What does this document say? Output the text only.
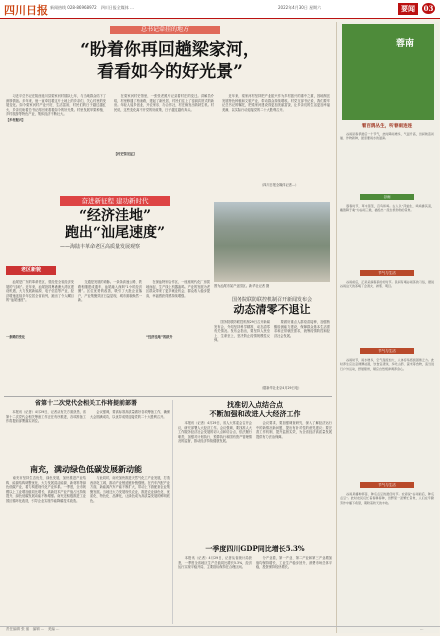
四川日报 新闻热线 028-86968972　四川日报全媒体 …	2022年4月30日 星期六	要闻	03
总书记牵挂的地方
“盼着你再回趟梁家河，
看看如今的好光景”
　　习近平总书记在陕西延川县梁家河村插队七年，与当地群众结下了深厚情谊。多年来，他一直牵挂着这片土地上的乡亲们，关心村里的发展变化。如今梁家河村产业兴旺、生活富裕，村民们的日子越过越红火，乡亲们盼着总书记再回来看看如今的好光景。村里发展苹果种植、乡村旅游等特色产业，集体经济不断壮大。
【乡村振兴】
　　在梁家河村史馆里，一张张老照片记录着村庄的变迁。讲解员介绍，村里修通了柏油路，建起了新民居，村民们住上了窑洞宾馆式的新房。年轻人返乡创业，开农家乐、办合作社，村庄焕发出勃勃生机。村民说，这些变化离不开党的好政策，日子越过越有奔头。
【村史馆见证】
　　近年来，梁家河村坚持把产业振兴作为乡村振兴的重中之重，因地制宜发展特色种植和文旅产业，带动群众持续增收。村党支部书记说，我们要牢记总书记的嘱托，把梁家河建设得更加美丽富饶，让乡亲们的生活更加幸福美满，以实际行动迎接党的二十大胜利召开。
（四川日报全媒体记者…）
奋进新征程 建功新时代
“经济洼地”
跑出“汕尾速度”
——海陆丰革命老区高质量发展观察
老区新貌
　　汕尾是广东的革命老区，曾经是全省经济发展的“洼地”。近年来，汕尾抢抓粤港澳大湾区建设机遇，大力发展新能源、电子信息等产业，经济增速连续多年位居全省前列，跑出了令人瞩目的“汕尾速度”。
一条路的变化
　　交通是发展的命脉。一条条高速公路、铁路相继建成通车，汕尾融入深圳“1小时经济圈”。区位优势的改善，吸引了大批企业落户，产业集聚效应日益显现，城市面貌焕然一新。
　　在深汕特别合作区，一座座现代化厂房拔地而起，生产线上机器轰鸣。产业的发展为老区群众带来了更多就业机会，群众收入稳步提高，幸福感获得感持续增强。
“经济洼地”的跃升
图为汕尾市某产业园区。新华社记者 摄
国务院联防联控机制召开新闻发布会
动态清零不退让
　　国务院联防联控机制29日召开新闻发布会，介绍坚持科学精准、动态清零有关情况。发布会指出，要坚持人民至上、生命至上，坚决防止疫情规模性反弹。
　　要做好重点人群疫苗接种，加强核酸检测能力建设，保障群众基本生活需求和正常就医需求，统筹疫情防控和经济社会发展。
（据新华社北京4月29日电）
省第十二次党代会相关工作将提前部署
　　本报讯（记者）4月29日，记者从有关方面获悉，省第十二次党代会相关筹备工作正在有序推进，各项准备工作将提前部署落实到位。
　　会议强调，要高标准高质量做好各项筹备工作，确保大会圆满成功，以优异成绩迎接党的二十大胜利召开。
南充，满动绿色低碳发展新动能
　　南充市坚持生态优先、绿色发展，加快推进产业结构、能源结构调整优化，大力发展清洁能源、新材料等绿色低碳产业，着力构建现代化产业体系。一季度，全市规模以上工业增加值同比增长，高新技术产业产值占比持续提升，绿色低碳发展动能不断增强。南充还积极推进工业园区循环化改造，引导企业实施节能降碳技术改造。
　　与此同时，南充加快推进天然气化工产业发展，打造西部化工城，推动产业链延链补链强链。在汽车汽配产业方面，新能源汽车产能不断扩大，带动上下游配套企业集聚发展。当地还大力发展现代农业，推进农业绿色化、优质化、特色化、品牌化，让绿色成为高质量发展的鲜明底色。
找准切入点结合点
不断加强和改进人大经济工作
　　本报讯（记者）4月29日，省人大常委会召开会议，研究部署人大经济工作。会议强调，要找准人大工作服务经济社会发展的切入点和结合点，依法履行职责，加强对计划执行、预算执行和国有资产管理情况的监督，推动经济持续健康发展。
　　会议要求，要加强调查研究，深入了解经济运行中的新情况新问题，提出有针对性的意见建议；要完善工作机制，提升监督实效，为全省经济高质量发展提供有力法治保障。
一季度四川GDP同比增长5.3%
　　本报讯（记者）4月29日，记者从省统计局获悉，一季度全省地区生产总值同比增长5.3%，经济运行实现平稳开局，主要指标保持在合理区间。
　　分产业看，第一产业、第二产业和第三产业增加值均保持增长，工业生产稳步回升，消费市场总体平稳，投资保持较快增长。
蓉南
看百鸽丛生，听春雨连连
　　谷雨是春季最后一个节气，此时降雨增多，气温升高，田间秧苗初插、作物新种，最需要雨水的滋润。
谷雨
　　暮春时节，草木葱茏，百鸟和鸣。古人以“萍始生，鸣鸠拂其羽，戴胜降于桑”为谷雨三候，描绘出一派生机勃勃的景象。
节气与生活
　　谷雨前后，正是采摘春茶的好时节。民间有喝谷雨茶的习俗，据说谷雨这天的茶喝了会清火、辟邪、明目。
节气与生活
　　谷雨时节，雨水增多，空气湿度加大，人体容易感到困倦乏力。此时养生应注意健脾祛湿，饮食宜清淡，多吃山药、薏米等食物，适当进行户外运动，舒展筋骨，顺应自然规律调养身心。
节气与生活
　　谷雨是播种移苗、种瓜点豆的最佳时节。农谚说“谷雨前后，种瓜点豆”。此时农民们忙着春耕春种，田野里一派繁忙景象，人们在辛勤劳作中播下希望，期盼着秋天的丰收。
责任编辑 张 蜜　编辑 …　美编 …	…
